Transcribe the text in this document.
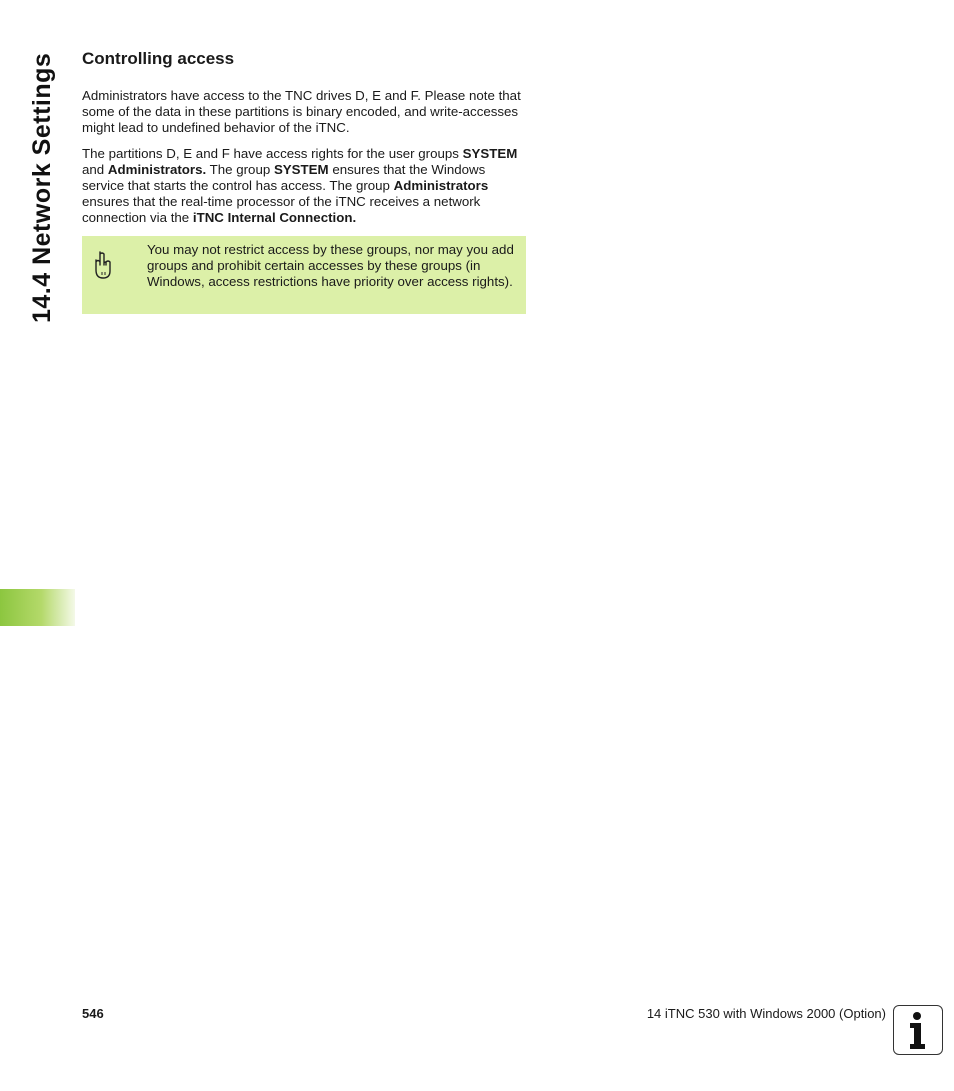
14.4 Network Settings Controlling access

Administrators have access to the TNC drives D, E and F. Please note that some of the data in these partitions is binary encoded, and write-accesses might lead to undefined behavior of the iTNC.

The partitions D, E and F have access rights for the user groups SYSTEM and Administrators. The group SYSTEM ensures that the Windows service that starts the control has access. The group Administrators ensures that the real-time processor of the iTNC receives a network connection via the iTNC Internal Connection.

You may not restrict access by these groups, nor may you add groups and prohibit certain accesses by these groups (in Windows, access restrictions have priority over access rights).
546	14 iTNC 530 with Windows 2000 (Option)
